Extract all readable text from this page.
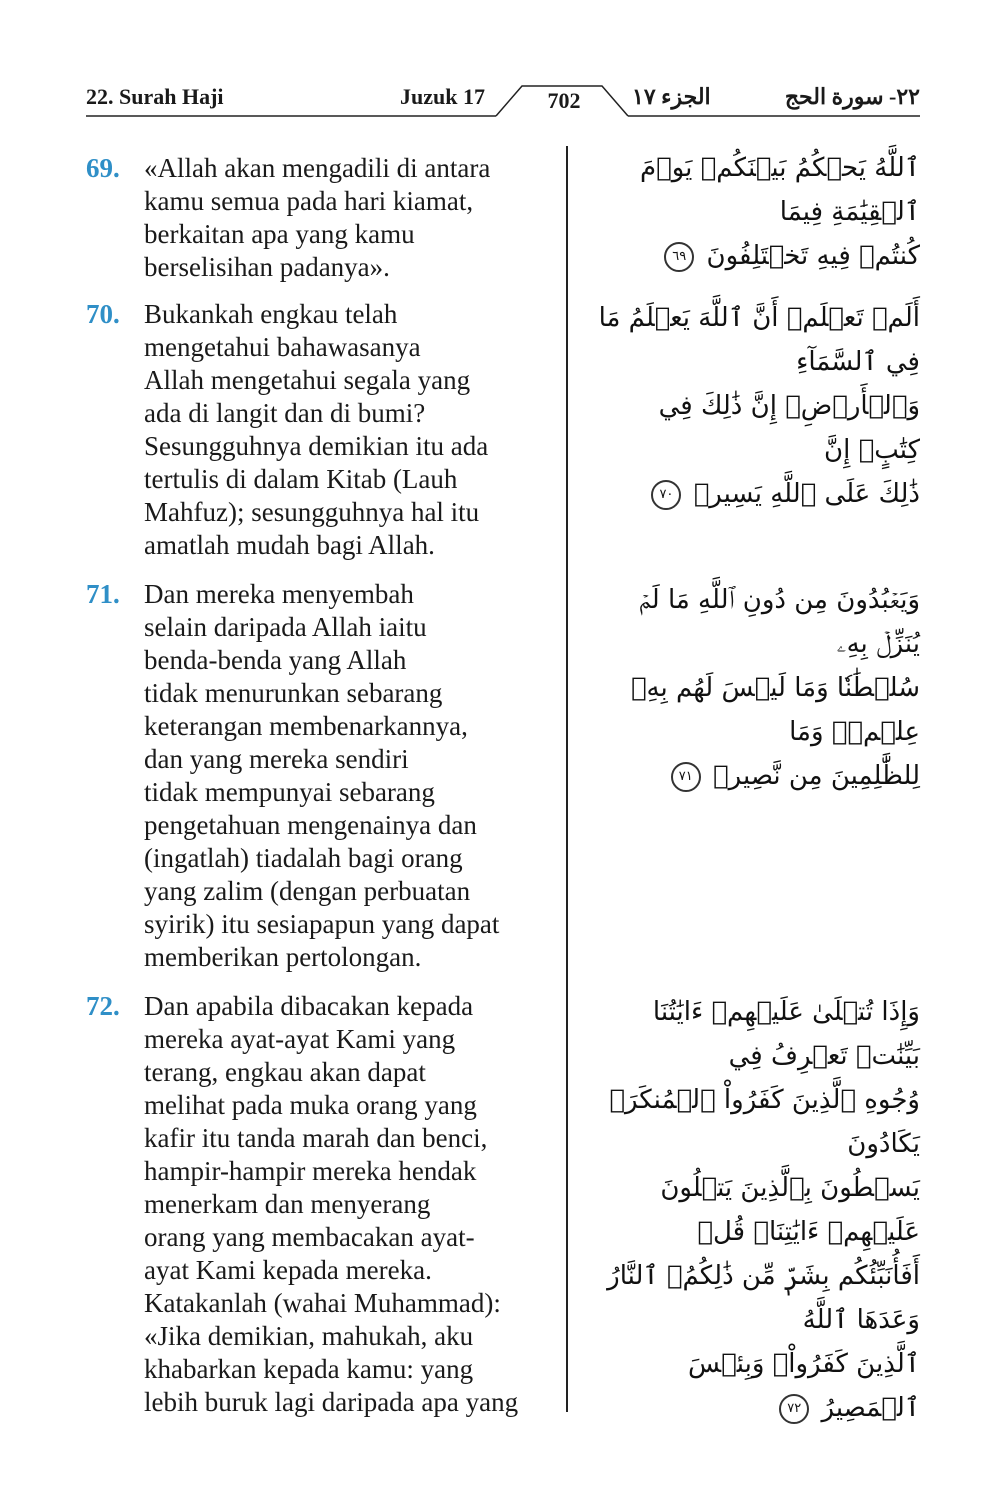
22. Surah Haji	Juzuk 17	702	الجزء ١٧	٢٢- سورة الحج
69. «Allah akan mengadili di antara
kamu semua pada hari kiamat,
berkaitan apa yang kamu
berselisihan padanya».
ٱللَّهُ يَحۡكُمُ بَيۡنَكُمۡ يَوۡمَ ٱلۡقِيَٰمَةِ فِيمَا
كُنتُمۡ فِيهِ تَخۡتَلِفُونَ ٦٩
70. Bukankah engkau telah
mengetahui bahawasanya
Allah mengetahui segala yang
ada di langit dan di bumi?
Sesungguhnya demikian itu ada
tertulis di dalam Kitab (Lauh
Mahfuz); sesungguhnya hal itu
amatlah mudah bagi Allah.
أَلَمۡ تَعۡلَمۡ أَنَّ ٱللَّهَ يَعۡلَمُ مَا فِي ٱلسَّمَآءِ
وَٱلۡأَرۡضِۚ إِنَّ ذَٰلِكَ فِي كِتَٰبٍۚ إِنَّ
ذَٰلِكَ عَلَى ٱللَّهِ يَسِيرٞ ٧٠
71. Dan mereka menyembah
selain daripada Allah iaitu
benda-benda yang Allah
tidak menurunkan sebarang
keterangan membenarkannya,
dan yang mereka sendiri
tidak mempunyai sebarang
pengetahuan mengenainya dan
(ingatlah) tiadalah bagi orang
yang zalim (dengan perbuatan
syirik) itu sesiapapun yang dapat
memberikan pertolongan.
وَيَعۡبُدُونَ مِن دُونِ ٱللَّهِ مَا لَمۡ يُنَزِّلۡ بِهِۦ
سُلۡطَٰنٗا وَمَا لَيۡسَ لَهُم بِهِۦ عِلۡمٞۗ وَمَا
لِلظَّٰلِمِينَ مِن نَّصِيرٖ ٧١
72. Dan apabila dibacakan kepada
mereka ayat-ayat Kami yang
terang, engkau akan dapat
melihat pada muka orang yang
kafir itu tanda marah dan benci,
hampir-hampir mereka hendak
menerkam dan menyerang
orang yang membacakan ayat-
ayat Kami kepada mereka.
Katakanlah (wahai Muhammad):
«Jika demikian, mahukah, aku
khabarkan kepada kamu: yang
lebih buruk lagi daripada apa yang
وَإِذَا تُتۡلَىٰ عَلَيۡهِمۡ ءَايَٰتُنَا بَيِّنَٰتٖ تَعۡرِفُ فِي
وُجُوهِ ٱلَّذِينَ كَفَرُواْ ٱلۡمُنكَرَۖ يَكَادُونَ
يَسۡطُونَ بِٱلَّذِينَ يَتۡلُونَ عَلَيۡهِمۡ ءَايَٰتِنَاۗ قُلۡ
أَفَأُنَبِّئُكُم بِشَرّٖ مِّن ذَٰلِكُمُۚ ٱلنَّارُ وَعَدَهَا ٱللَّهُ
ٱلَّذِينَ كَفَرُواْۖ وَبِئۡسَ ٱلۡمَصِيرُ ٧٢
